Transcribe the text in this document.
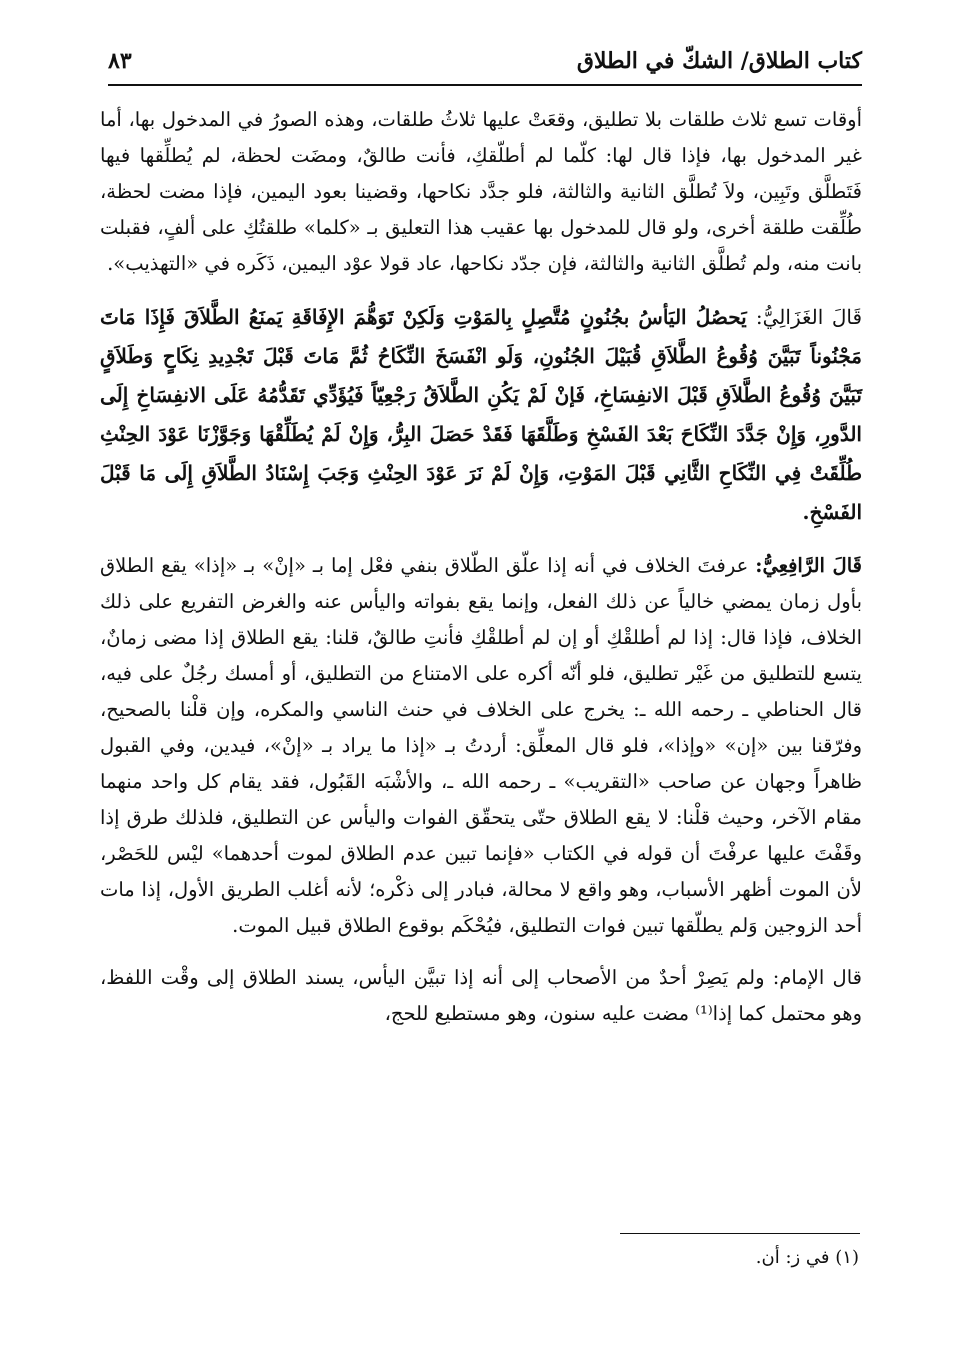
كتاب الطلاق/ الشكّ في الطلاق
٨٣

أوقات تسع ثلاث طلقات بلا تطليق، وقعَتْ عليها ثلاثُ طلقات، وهذه الصورُ في المدخول بها، أما غير المدخول بها، فإذا قال لها: كلّما لم أطلّقكِ، فأنت طالقٌ، ومضَت لحظة، لم يُطلِّقها فيها فَتَطلَّق وتَبِين، ولاَ تُطلَّق الثانية والثالثة، فلو جدَّد نكاحها، وقضينا بعود اليمين، فإذا مضت لحظة، طُلِّقت طلقة أخرى، ولو قال للمدخول بها عقيب هذا التعليق بـ «كلما» طلقتُكِ على ألفٍ، فقبلت بانت منه، ولم تُطلَّق الثانية والثالثة، فإن جدّد نكاحها، عاد قولا عوْد اليمين، ذَكَره في «التهذيب».

قَالَ الغَزَالِيُّ: يَحصُلُ اليَأسُ بجُنُونٍ مُتَّصِلٍ بِالمَوْتِ وَلَكِنْ تَوَهُّمَ الإِفَاقَةِ يَمنَعُ الطَّلاَقَ فَإِذَا مَاتَ مَجْنُوناً تَبَيَّنَ وُقُوعُ الطَّلاَقِ قُبَيْلَ الجُنُونِ، وَلَو انْفَسَخَ النِّكَاحُ ثُمَّ مَاتَ قَبْلَ تَجْدِيدِ نِكَاحٍ وَطَلاَقٍ تَبَيَّنَ وُقُوعُ الطَّلاَقِ قَبْلَ الانفِسَاخِ، فَإنْ لَمْ يَكُنِ الطَّلاَقُ رَجْعِيّاً فَيُؤَدِّي تَقَدُّمُهُ عَلَى الانفِسَاخِ إِلَى الدَّورِ، وَإِنْ جَدَّدَ النِّكَاحَ بَعْدَ الفَسْخِ وَطَلَّقَهَا فَقَدْ حَصَلَ البِرُّ، وَإِنْ لَمْ يُطَلِّقْهَا وَجَوَّزْنَا عَوْدَ الحِنْثِ طُلِّقَتْ فِي النِّكَاحِ الثَّانِي قَبْلَ المَوْتِ، وَإِنْ لَمْ نَرَ عَوْدَ الحِنْثِ وَجَبَ إِسْنَادُ الطَّلاَقِ إِلَى مَا قَبْلَ الفَسْخِ.

قَالَ الرَّافِعِيُّ: عرفتَ الخلاف في أنه إذا علّق الطّلاق بنفي فعْل إما بـ «إنْ» بـ «إذا» يقع الطلاق بأول زمان يمضي خالياً عن ذلك الفعل، وإنما يقع بفواته واليأس عنه والغرض التفريع على ذلك الخلاف، فإذا قال: إذا لم أطلقْكِ أو إن لم أطلقْكِ فأنتِ طالقٌ، قلنا: يقع الطلاق إذا مضى زمانٌ، يتسع للتطليق من غَيْر تطليق، فلو أنّه أكره على الامتناع من التطليق، أو أمسك رجُلٌ على فيه، قال الحناطي ـ رحمه الله ـ: يخرج على الخلاف في حنث الناسي والمكره، وإن قلْنا بالصحيح، وفرّقنا بين «إن» «وإذا»، فلو قال المعلِّق: أردتُ بـ «إذا ما يراد بـ «إنْ»، فيدين، وفي القبول ظاهراً وجهان عن صاحب «التقريب» ـ رحمه الله ـ، والأشْبَه القَبُول، فقد يقام كل واحد منهما مقام الآخر، وحيث قلْنا: لا يقع الطلاق حتّى يتحقّق الفوات واليأس عن التطليق، فلذلك طرق إذا وقَفْتَ عليها عرفْتَ أن قوله في الكتاب «فإنما تبين عدم الطلاق لموت أحدهما» ليْس للحَصْر، لأن الموت أظهر الأسباب، وهو واقع لا محالة، فبادر إلى ذكْره؛ لأنه أغلب الطريق الأول، إذا مات أحد الزوجين وَلم يطلّقها تبين فوات التطليق، فيُحْكَم بوقوع الطلاق قبيل الموت.

قال الإمام: ولم يَصِرْ أحدٌ من الأصحاب إلى أنه إذا تبيَّن اليأس، يسند الطلاق إلى وقْت اللفظ، وهو محتمل كما إذا⁽¹⁾ مضت عليه سنون، وهو مستطيع للحج،

(١) في ز: أن.
